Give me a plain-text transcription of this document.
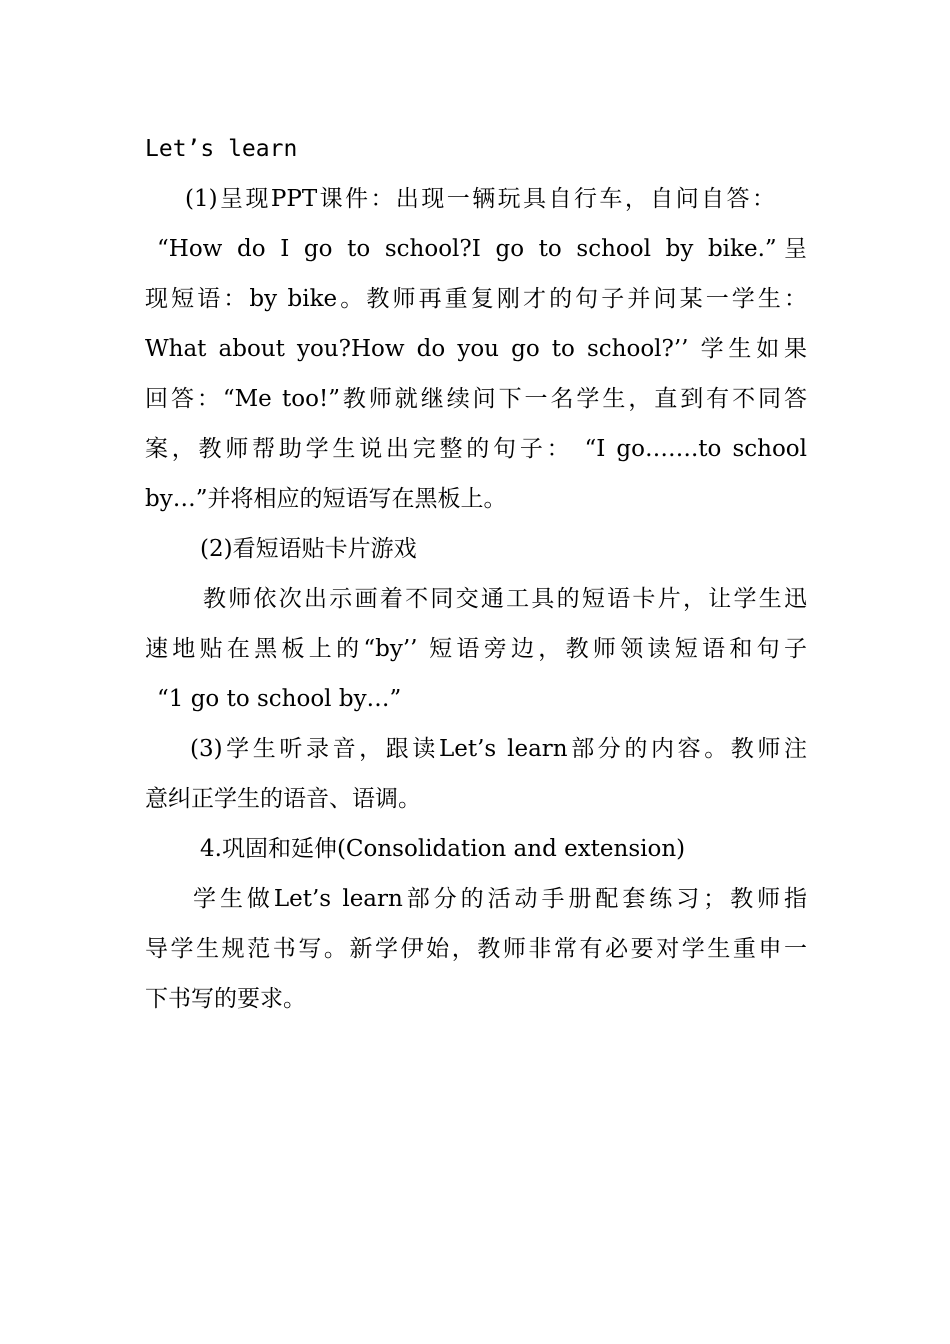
Let’s learn
(1)呈现PPT课件：出现一辆玩具自行车，自问自答：
“How do I go to school?I go to school by bike.”呈
现短语：by bike。教师再重复刚才的句子并问某一学生：
What about you?How do you go to school?’’ 学生如果
回答：“Me too!”教师就继续问下一名学生，直到有不同答
案，教师帮助学生说出完整的句子： “I go…….to school
by…”并将相应的短语写在黑板上。
(2)看短语贴卡片游戏
教师依次出示画着不同交通工具的短语卡片，让学生迅
速地贴在黑板上的“by’’ 短语旁边，教师领读短语和句子
“1 go to school by…”
(3)学生听录音，跟读Let’s learn部分的内容。教师注
意纠正学生的语音、语调。
4.巩固和延伸(Consolidation and extension)
学生做Let’s learn部分的活动手册配套练习；教师指
导学生规范书写。新学伊始，教师非常有必要对学生重申一
下书写的要求。
